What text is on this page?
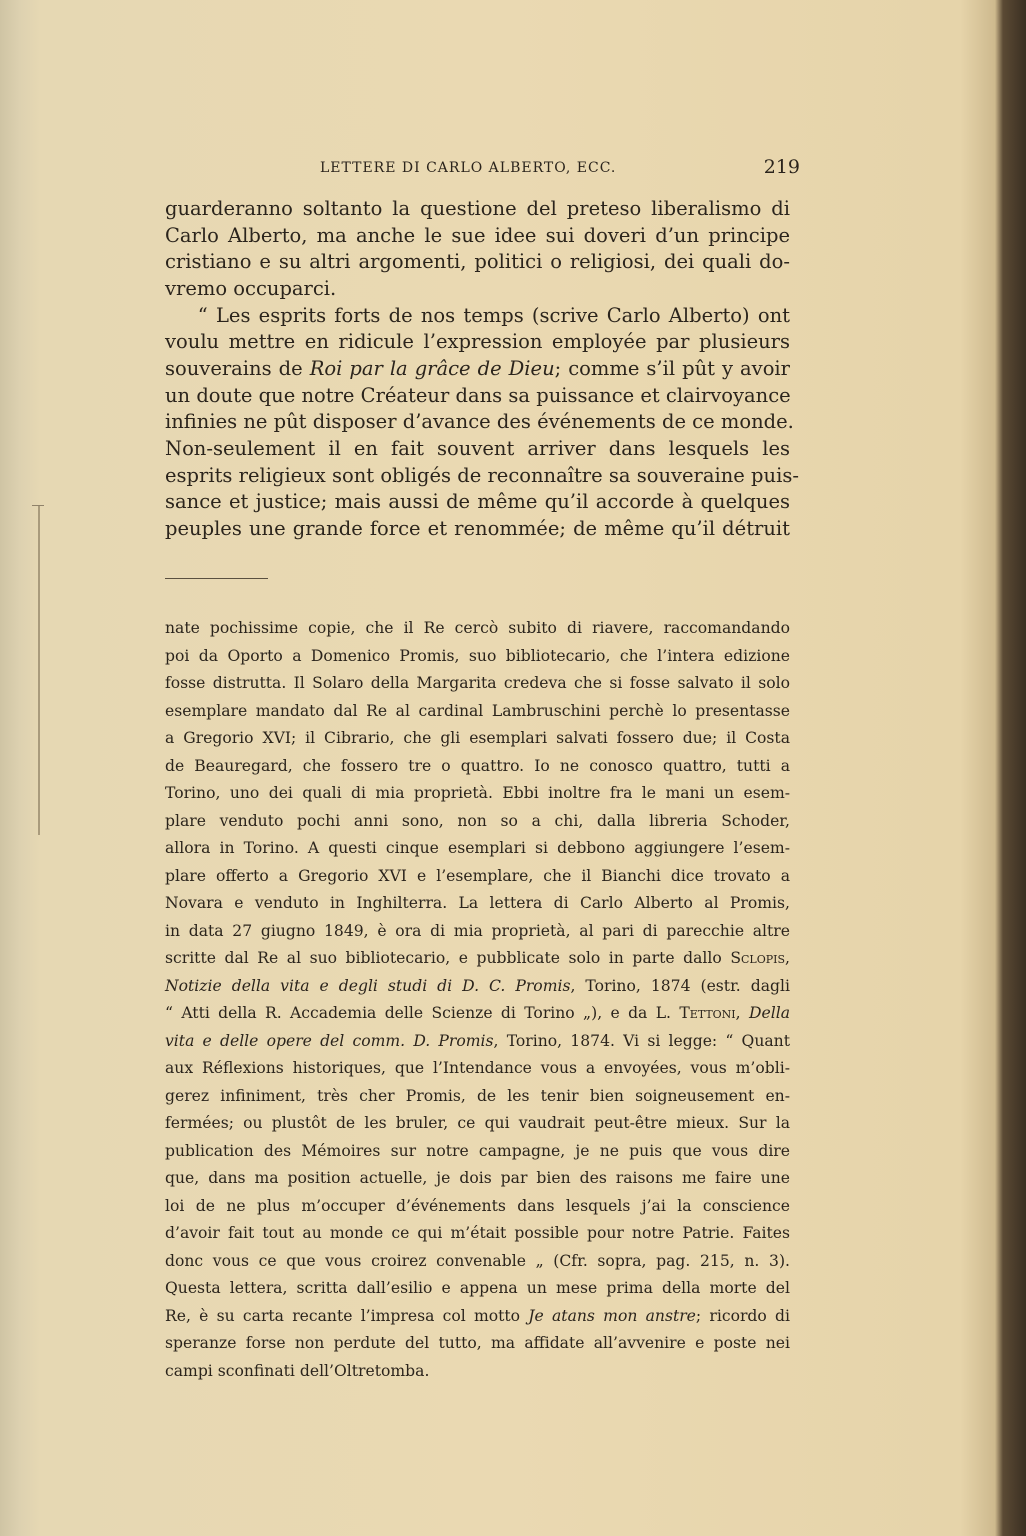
LETTERE DI CARLO ALBERTO, ECC.	219
guarderanno soltanto la questione del preteso liberalismo di
Carlo Alberto, ma anche le sue idee sui doveri d’un principe
cristiano e su altri argomenti, politici o religiosi, dei quali do-
vremo occuparci.
“ Les esprits forts de nos temps (scrive Carlo Alberto) ont
voulu mettre en ridicule l’expression employée par plusieurs
souverains de Roi par la grâce de Dieu; comme s’il pût y avoir
un doute que notre Créateur dans sa puissance et clairvoyance
infinies ne pût disposer d’avance des événements de ce monde.
Non-seulement il en fait souvent arriver dans lesquels les
esprits religieux sont obligés de reconnaître sa souveraine puis-
sance et justice; mais aussi de même qu’il accorde à quelques
peuples une grande force et renommée; de même qu’il détruit
nate pochissime copie, che il Re cercò subito di riavere, raccomandando
poi da Oporto a Domenico Promis, suo bibliotecario, che l’intera edizione
fosse distrutta. Il Solaro della Margarita credeva che si fosse salvato il solo
esemplare mandato dal Re al cardinal Lambruschini perchè lo presentasse
a Gregorio XVI; il Cibrario, che gli esemplari salvati fossero due; il Costa
de Beauregard, che fossero tre o quattro. Io ne conosco quattro, tutti a
Torino, uno dei quali di mia proprietà. Ebbi inoltre fra le mani un esem-
plare venduto pochi anni sono, non so a chi, dalla libreria Schoder,
allora in Torino. A questi cinque esemplari si debbono aggiungere l’esem-
plare offerto a Gregorio XVI e l’esemplare, che il Bianchi dice trovato a
Novara e venduto in Inghilterra. La lettera di Carlo Alberto al Promis,
in data 27 giugno 1849, è ora di mia proprietà, al pari di parecchie altre
scritte dal Re al suo bibliotecario, e pubblicate solo in parte dallo Sclopis,
Notizie della vita e degli studi di D. C. Promis, Torino, 1874 (estr. dagli
“ Atti della R. Accademia delle Scienze di Torino „), e da L. Tettoni, Della
vita e delle opere del comm. D. Promis, Torino, 1874. Vi si legge: “ Quant
aux Réflexions historiques, que l’Intendance vous a envoyées, vous m’obli-
gerez infiniment, très cher Promis, de les tenir bien soigneusement en-
fermées; ou plustôt de les bruler, ce qui vaudrait peut-être mieux. Sur la
publication des Mémoires sur notre campagne, je ne puis que vous dire
que, dans ma position actuelle, je dois par bien des raisons me faire une
loi de ne plus m’occuper d’événements dans lesquels j’ai la conscience
d’avoir fait tout au monde ce qui m’était possible pour notre Patrie. Faites
donc vous ce que vous croirez convenable „ (Cfr. sopra, pag. 215, n. 3).
Questa lettera, scritta dall’esilio e appena un mese prima della morte del
Re, è su carta recante l’impresa col motto Je atans mon anstre; ricordo di
speranze forse non perdute del tutto, ma affidate all’avvenire e poste nei
campi sconfinati dell’Oltretomba.
